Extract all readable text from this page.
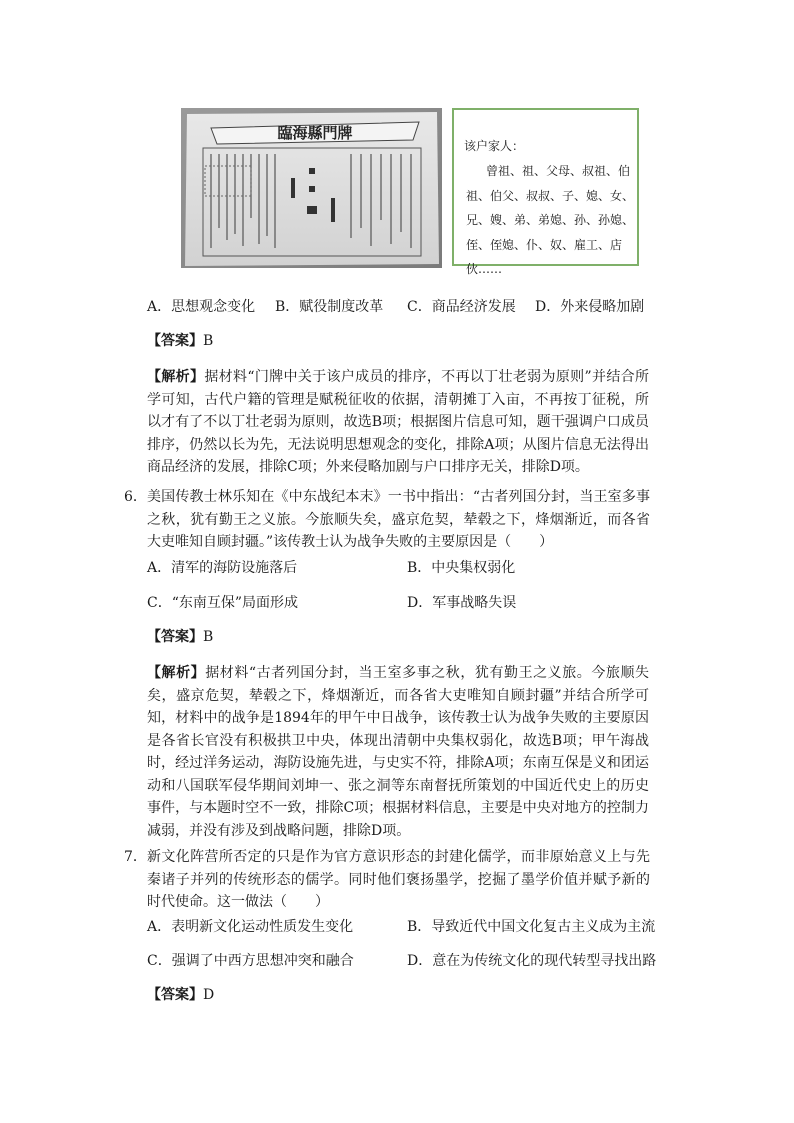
臨海縣門牌
该户家人：
曾祖、祖、父母、叔祖、伯祖、伯父、叔叔、子、媳、女、兄、嫂、弟、弟媳、孙、孙媳、侄、侄媳、仆、奴、雇工、店伙……
A．思想观念变化 B．赋役制度改革 C．商品经济发展 D．外来侵略加剧
【答案】B
【解析】据材料“门牌中关于该户成员的排序，不再以丁壮老弱为原则”并结合所学可知，古代户籍的管理是赋税征收的依据，清朝摊丁入亩，不再按丁征税，所以才有了不以丁壮老弱为原则，故选B项；根据图片信息可知，题干强调户口成员排序，仍然以长为先，无法说明思想观念的变化，排除A项；从图片信息无法得出商品经济的发展，排除C项；外来侵略加剧与户口排序无关，排除D项。
6． 美国传教士林乐知在《中东战纪本末》一书中指出：“古者列国分封，当王室多事之秋，犹有勤王之义旅。今旅顺失矣，盛京危契，辇毂之下，烽烟渐近，而各省大吏唯知自顾封疆。”该传教士认为战争失败的主要原因是（　　）
A．清军的海防设施落后	B．中央集权弱化
C．“东南互保”局面形成	D．军事战略失误
【答案】B
【解析】据材料“古者列国分封，当王室多事之秋，犹有勤王之义旅。今旅顺失矣，盛京危契，辇毂之下，烽烟渐近，而各省大吏唯知自顾封疆”并结合所学可知，材料中的战争是1894年的甲午中日战争，该传教士认为战争失败的主要原因是各省长官没有积极拱卫中央，体现出清朝中央集权弱化，故选B项；甲午海战时，经过洋务运动，海防设施先进，与史实不符，排除A项；东南互保是义和团运动和八国联军侵华期间刘坤一、张之洞等东南督抚所策划的中国近代史上的历史事件，与本题时空不一致，排除C项；根据材料信息，主要是中央对地方的控制力减弱，并没有涉及到战略问题，排除D项。
7． 新文化阵营所否定的只是作为官方意识形态的封建化儒学，而非原始意义上与先秦诸子并列的传统形态的儒学。同时他们褒扬墨学，挖掘了墨学价值并赋予新的时代使命。这一做法（　　）
A．表明新文化运动性质发生变化	B．导致近代中国文化复古主义成为主流
C．强调了中西方思想冲突和融合	D．意在为传统文化的现代转型寻找出路
【答案】D
